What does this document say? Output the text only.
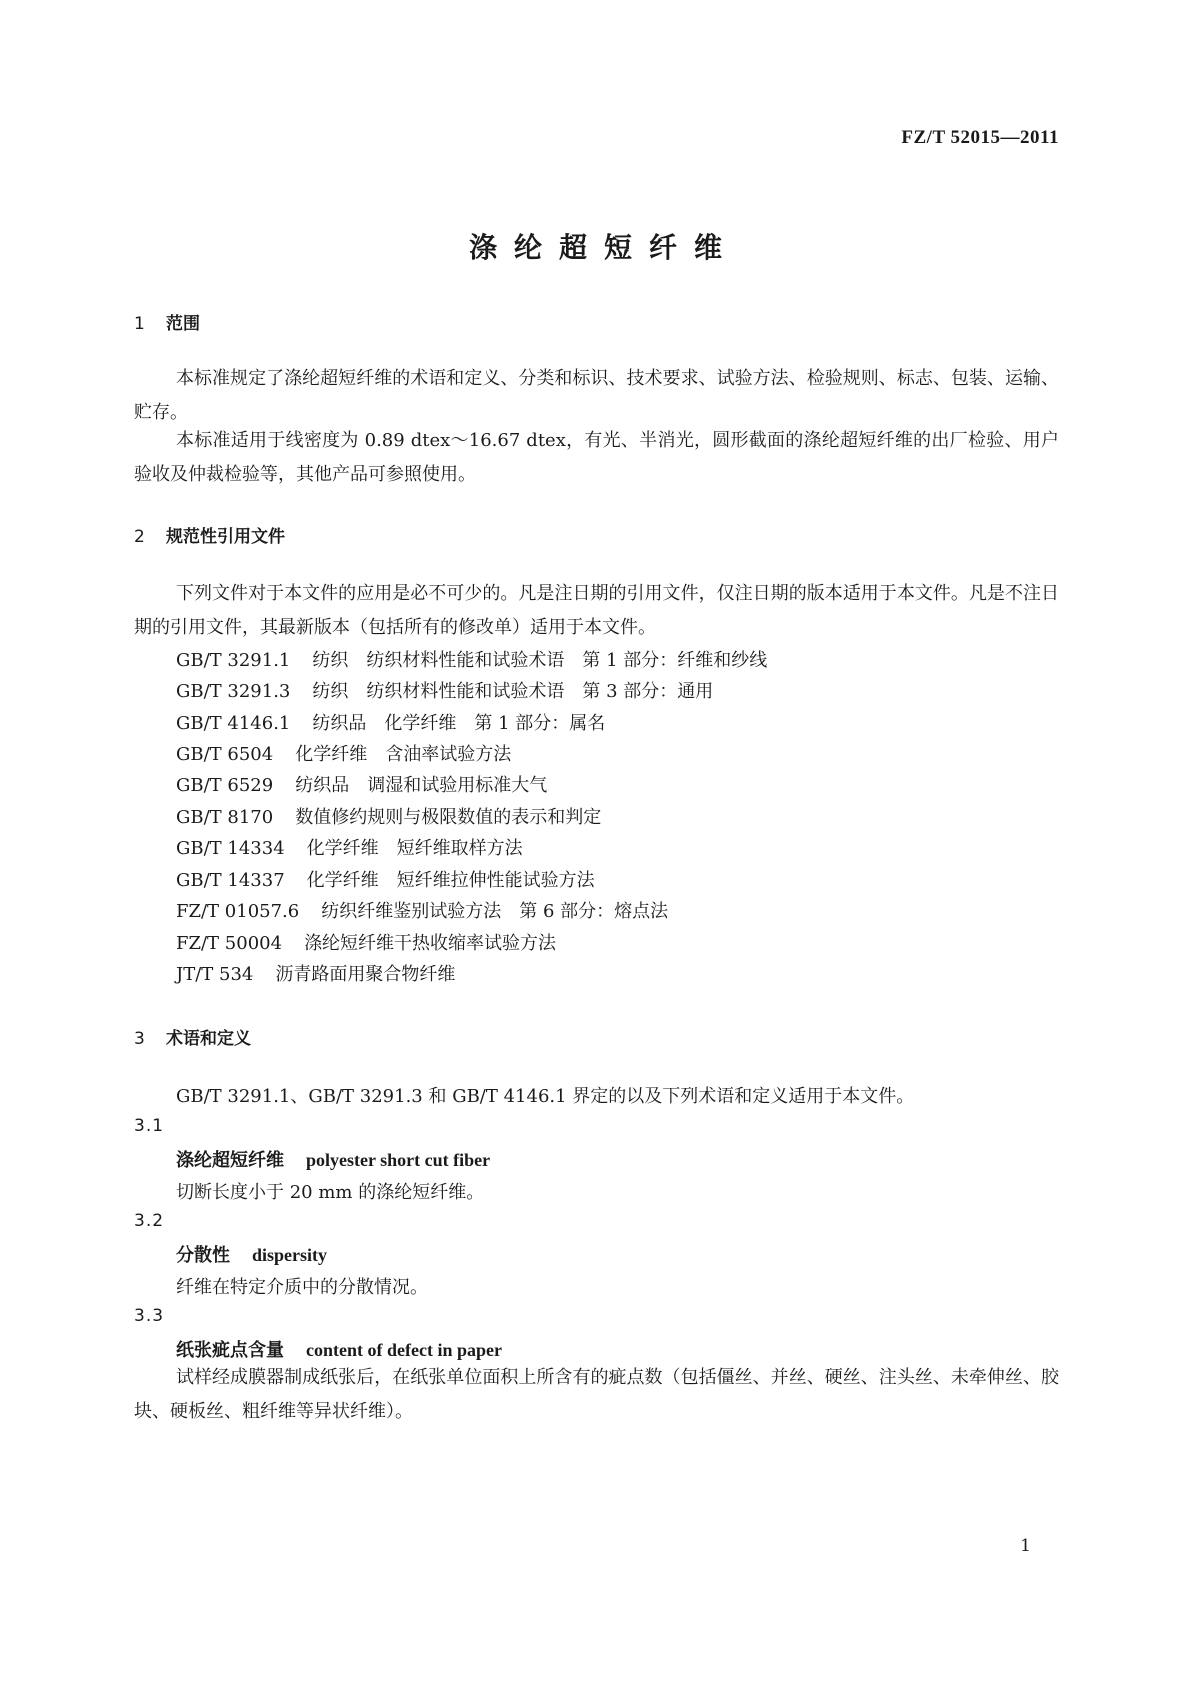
FZ/T 52015—2011
涤纶超短纤维
1 范围
本标准规定了涤纶超短纤维的术语和定义、分类和标识、技术要求、试验方法、检验规则、标志、包装、运输、贮存。
本标准适用于线密度为 0.89 dtex～16.67 dtex，有光、半消光，圆形截面的涤纶超短纤维的出厂检验、用户验收及仲裁检验等，其他产品可参照使用。
2 规范性引用文件
下列文件对于本文件的应用是必不可少的。凡是注日期的引用文件，仅注日期的版本适用于本文件。凡是不注日期的引用文件，其最新版本（包括所有的修改单）适用于本文件。
GB/T 3291.1 纺织　纺织材料性能和试验术语　第 1 部分：纤维和纱线
GB/T 3291.3 纺织　纺织材料性能和试验术语　第 3 部分：通用
GB/T 4146.1 纺织品　化学纤维　第 1 部分：属名
GB/T 6504 化学纤维　含油率试验方法
GB/T 6529 纺织品　调湿和试验用标准大气
GB/T 8170 数值修约规则与极限数值的表示和判定
GB/T 14334 化学纤维　短纤维取样方法
GB/T 14337 化学纤维　短纤维拉伸性能试验方法
FZ/T 01057.6 纺织纤维鉴别试验方法　第 6 部分：熔点法
FZ/T 50004 涤纶短纤维干热收缩率试验方法
JT/T 534 沥青路面用聚合物纤维
3 术语和定义
GB/T 3291.1、GB/T 3291.3 和 GB/T 4146.1 界定的以及下列术语和定义适用于本文件。
3.1
涤纶超短纤维 polyester short cut fiber
切断长度小于 20 mm 的涤纶短纤维。
3.2
分散性 dispersity
纤维在特定介质中的分散情况。
3.3
纸张疵点含量 content of defect in paper
试样经成膜器制成纸张后，在纸张单位面积上所含有的疵点数（包括僵丝、并丝、硬丝、注头丝、未牵伸丝、胶块、硬板丝、粗纤维等异状纤维）。
1
